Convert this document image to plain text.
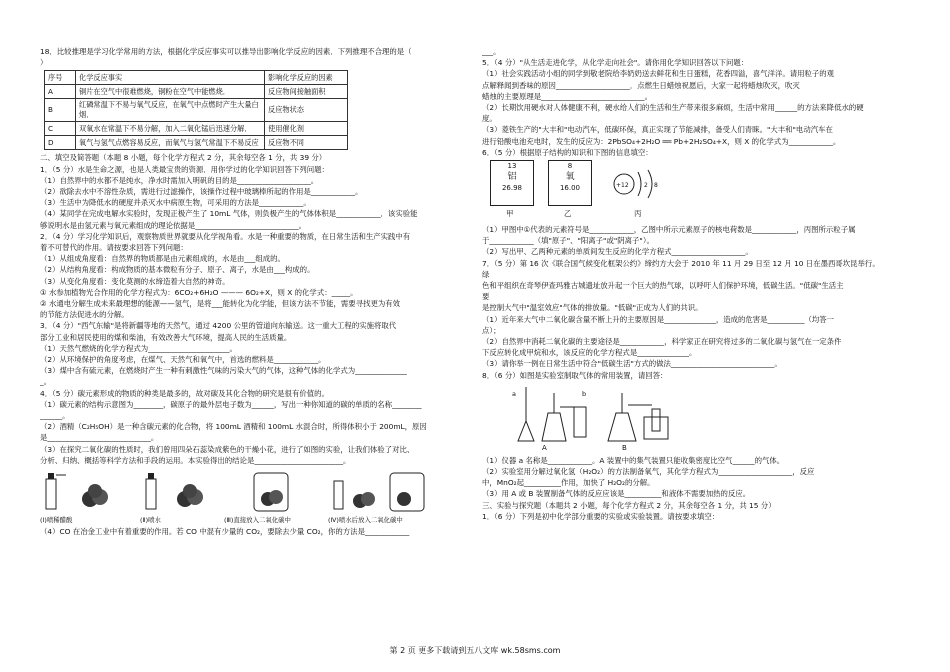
18．比较推理是学习化学常用的方法，根据化学反应事实可以推导出影响化学反应的因素．下列推理不合理的是（

）

序号	化学反应事实	影响化学反应的因素
A	铜片在空气中很难燃烧，铜粉在空气中能燃烧．	反应物间接触面积
B	红磷常温下不易与氧气反应，在氧气中点燃时产生大量白烟．	反应物状态
C	双氧水在常温下不易分解，加入二氧化锰后迅速分解．	使用催化剂
D	氧气与氢气点燃容易反应，而氧气与氢气常温下不易反应	反应物不同

二、填空及简答题（本题 8 小题，每个化学方程式 2 分，其余每空各 1 分，共 39 分）

1．（5 分）水是生命之源，也是人类最宝贵的资源．用你学过的化学知识回答下列问题：

（1）自然界中的水都不是纯水，净水时需加入明矾的目的是____________________。

（2）欲除去水中不溶性杂质，需进行过滤操作，该操作过程中玻璃棒所起的作用是____________。

（3）生活中为降低水的硬度并杀灭水中病原生物，可采用的方法是____________。

（4）某同学在完成电解水实验时，发现正极产生了 10mL 气体，则负极产生的气体体积是____________．该实验能

够说明水是由氢元素与氧元素组成的理论依据是____________________________。

2．（4 分）学习化学知识后，观察物质世界就要从化学视角看。水是一种重要的物质，在日常生活和生产实践中有

着不可替代的作用。请按要求回答下列问题：

（1）从组成角度看：自然界的物质都是由元素组成的，水是由___组成的。

（2）从结构角度看：构成物质的基本微粒有分子、原子、离子，水是由___构成的。

（3）从变化角度看：变化莫测的水缔造着大自然的神奇。

① 水参加植物光合作用的化学方程式为：6CO₂+6H₂O ——— 6O₂+X，则 X 的化学式：_____。

② 水通电分解生成未来最理想的能源——氢气，是将___能转化为化学能，但该方法不节能，需要寻找更为有效

的节能方法促进水的分解。

3．（4 分）"西气东输"是将新疆等地的天然气，通过 4200 公里的管道向东输送。这一重大工程的实施将取代

部分工业和居民使用的煤和柴油，有效改善大气环境，提高人民的生活质量。

（1）天然气燃烧的化学方程式为______________________。

（2）从环境保护的角度考虑，在煤气、天然气和氧气中，首选的燃料是____________。

（3）煤中含有硫元素，在燃烧时产生一种有刺激性气味的污染大气的气体，这种气体的化学式为______________

_。

4．（5 分）碳元素形成的物质的种类是最多的，故对碳及其化合物的研究是很有价值的。

（1）碳元素的结构示意图为________，碳原子的最外层电子数为______，写出一种你知道的碳的单质的名称________

______。

（2）酒精（C₂H₅OH）是一种含碳元素的化合物，将 100mL 酒精和 100mL 水混合时，所得体积小于 200mL，原因

是____________________________。

（3）在探究二氧化碳的性质时，我们曾用四朵石蕊染成紫色的干燥小花，进行了如图的实验，让我们体验了对比、

分析、归纳、概括等科学方法和手段的运用。本实验得出的结论是________________________。

(Ⅰ)喷稀醋酸	(Ⅱ)喷水	(Ⅲ)直接放入二氧化碳中	(Ⅳ)喷水后放入二氧化碳中

（4）CO 在冶金工业中有着重要的作用。若 CO 中混有少量的 CO₂，要除去少量 CO₂，你的方法是____________

___。

5．（4 分）"从生活走进化学，从化学走向社会"。请你用化学知识回答以下问题：

（1）社会实践活动小组的同学到敬老院给李奶奶送去鲜花和生日蛋糕，花香四溢，喜气洋洋。请用粒子的观

点解释闻到香味的原因____________________．点燃生日蜡烛祝愿后，大家一起将蜡烛吹灭，吹灭

蜡烛的主要原理是____________________________。

（2）长期饮用硬水对人体健康不利，硬水给人们的生活和生产带来很多麻烦，生活中常用______的方法来降低水的硬

度。

（3）菱铁生产的"大丰和"电动汽车，低碳环保，真正实现了节能减排，备受人们青睐。"大丰和"电动汽车在

进行铅酸电池充电时，发生的反应为：2PbSO₄+2H₂O ══ Pb+2H₂SO₄+X，则 X 的化学式为____________。

6．（5 分）根据原子结构的知识和下图的信息填空：

13
铝
26.98
甲
8
氧
16.00
乙
+12	2 8
丙

（1）甲图中①代表的元素符号是____________，乙图中所示元素原子的核电荷数是____________，丙图所示粒子属

于____________（填"原子"、"阳离子"或"阴离子"）。

（2）写出甲、乙两种元素的单质间发生反应的化学方程式____________________。

7．（5 分）第 16 次《联合国气候变化框架公约》缔约方大会于 2010 年 11 月 29 日至 12 月 10 日在墨西哥坎昆举行。

绿

色和平组织在奇琴伊查玛雅古城遗址放升起一个巨大的热气球，以呼吁人们保护环境，低碳生活。"低碳"生活主

要

是控制大气中"温室效应"气体的排放量。"低碳"正成为人们的共识。

（1）近年来大气中二氧化碳含量不断上升的主要原因是______________，造成的危害是__________（均答一

点）；

（2）自然界中消耗二氧化碳的主要途径是____________，科学家正在研究将过多的二氧化碳与氢气在一定条件

下反应转化成甲烷和水，该反应的化学方程式是______________。

（3）请你举一例在日常生活中符合"低碳生活"方式的做法____________________________。

8．（6 分）如图是实验室制取气体的常用装置，请回答：

a	b
A	B

（1）仪器 a 名称是____________。A 装置中的集气装置只能收集密度比空气______的气体。

（2）实验室用分解过氧化氢（H₂O₂）的方法制备氧气，其化学方程式为____________________，反应

中，MnO₂起__________作用，加快了 H₂O₂的分解。

（3）用 A 或 B 装置制备气体的反应应该是__________和液体不需要加热的反应。

三、实验与探究题（本题共 2 小题，每个化学方程式 2 分，其余每空各 1 分，共 15 分）

1．（6 分）下列是初中化学部分重要的实验或实验装置。请按要求填空：

第 2 页 更多下载请到五八文库 wk.58sms.com
